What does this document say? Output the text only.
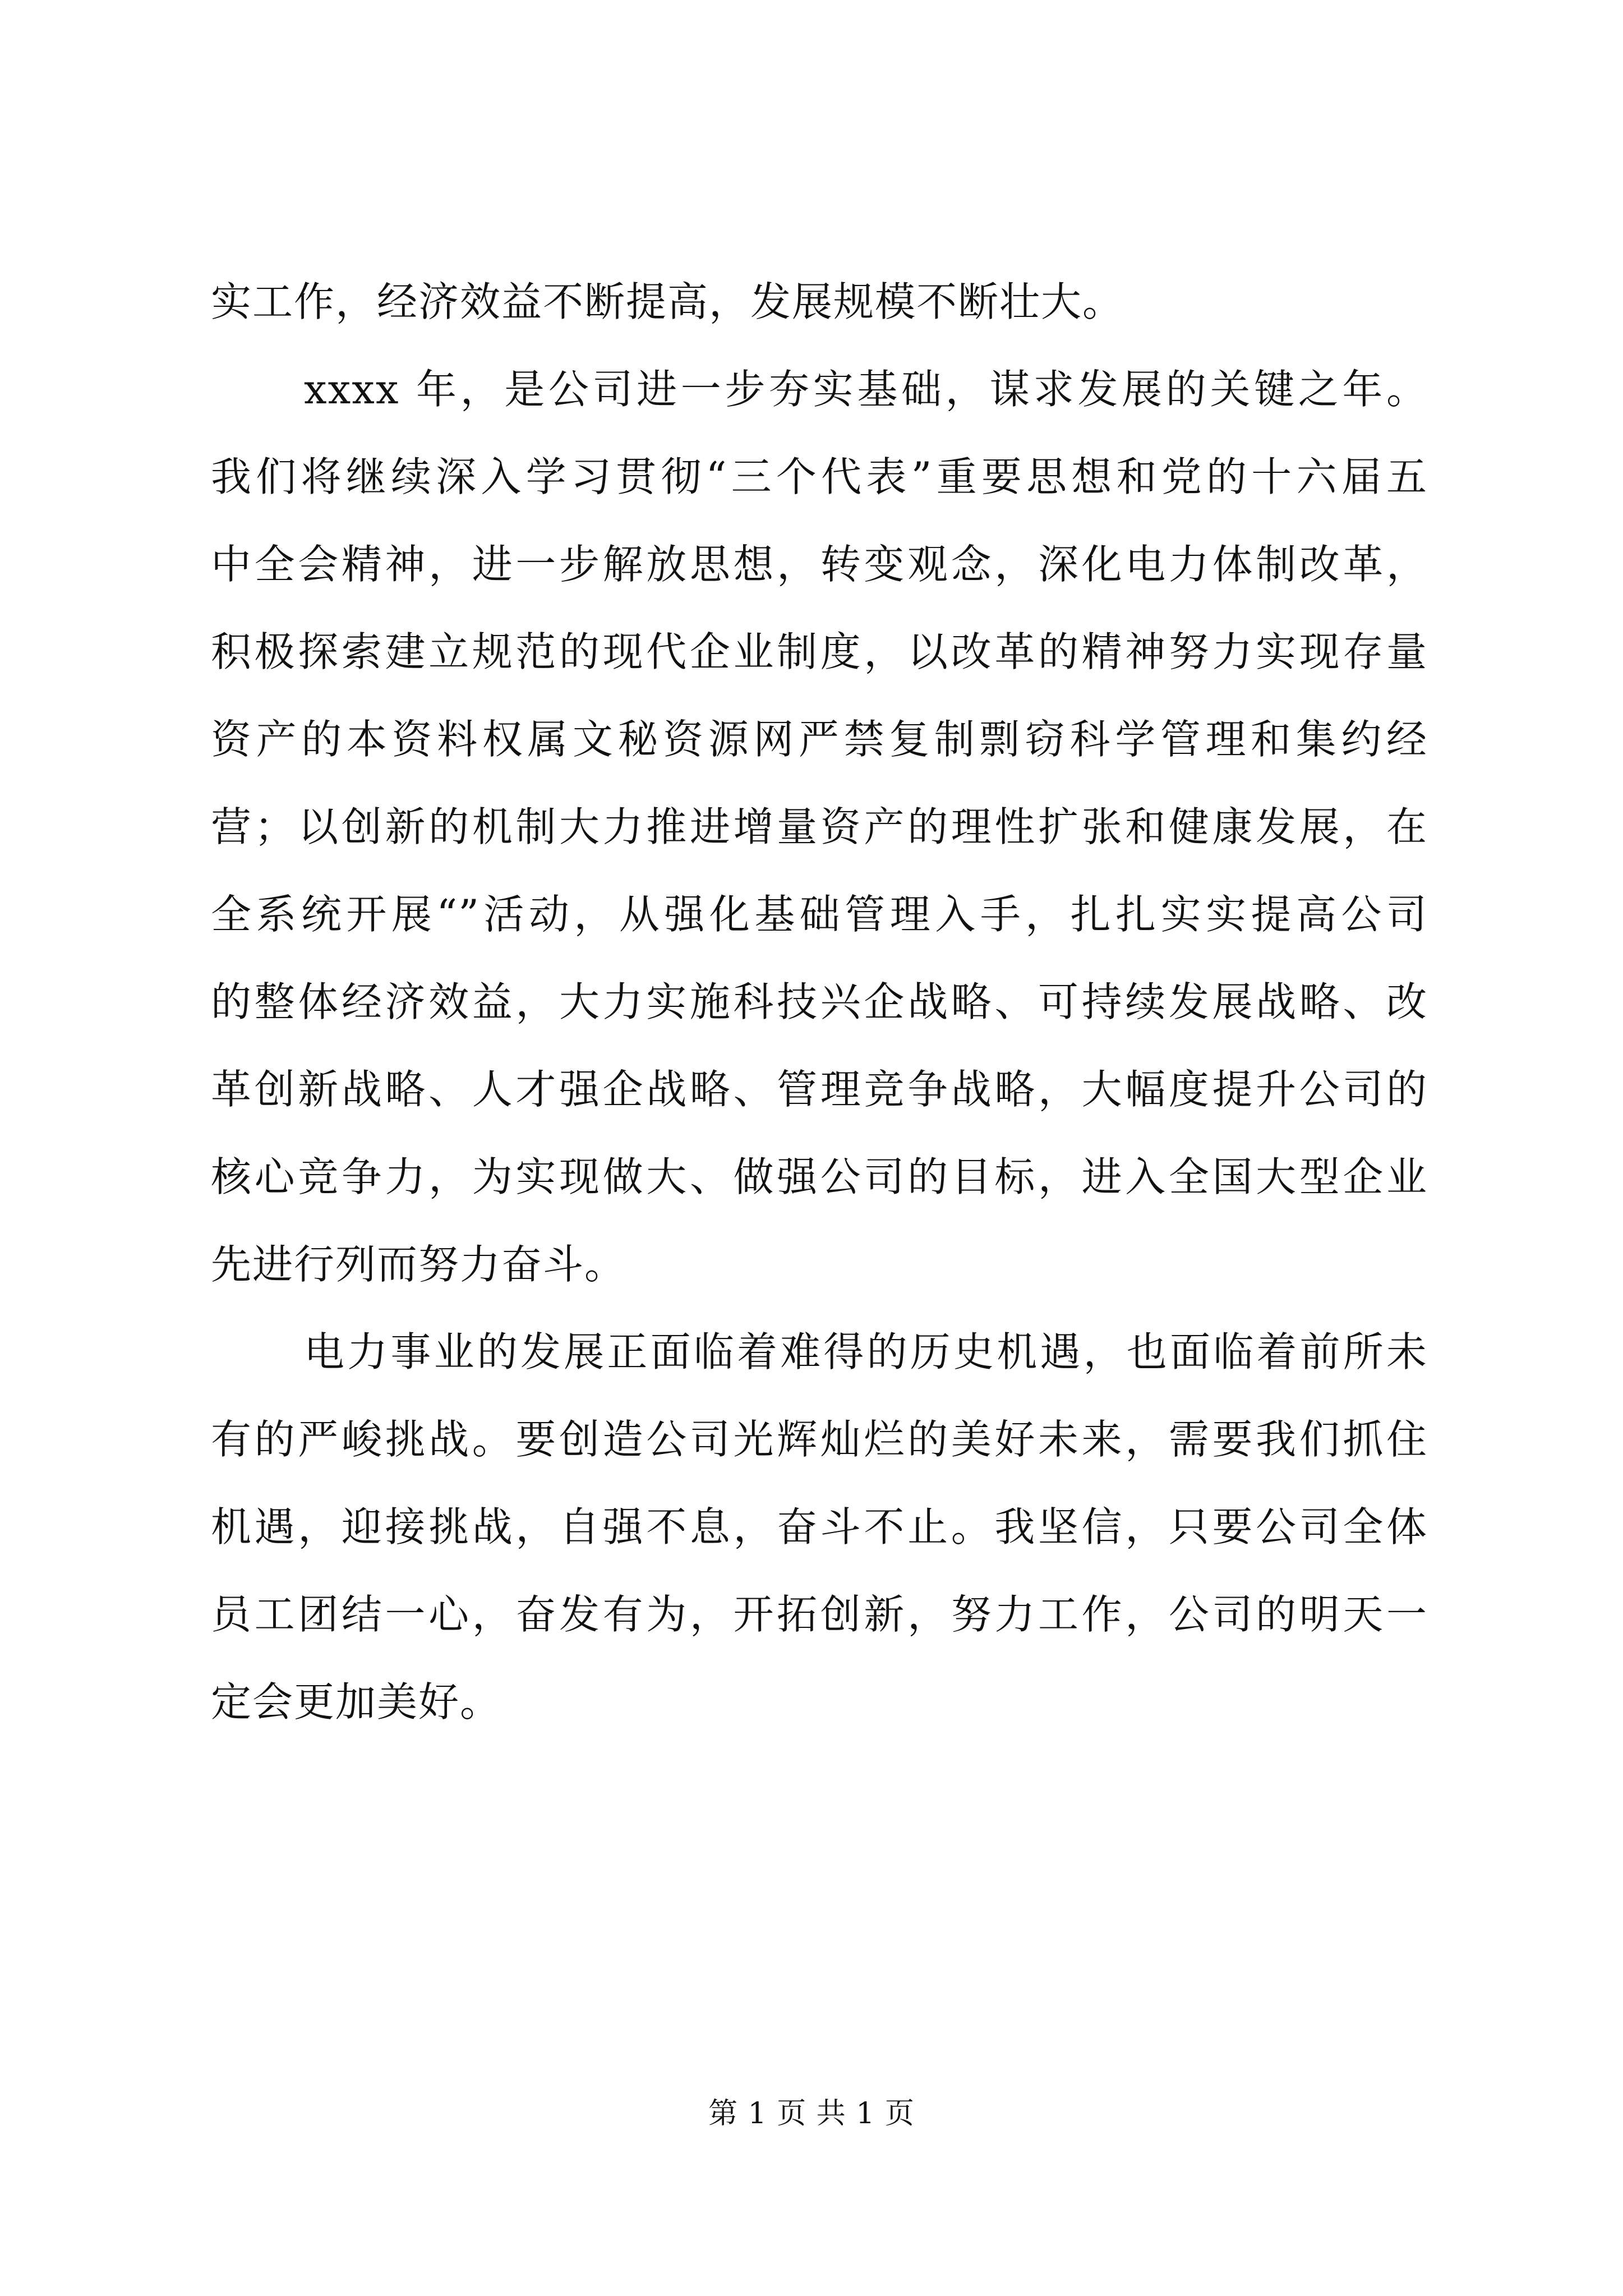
实工作，经济效益不断提高，发展规模不断壮大。
xxxx 年，是公司进一步夯实基础，谋求发展的关键之年。
我们将继续深入学习贯彻“三个代表”重要思想和党的十六届五
中全会精神，进一步解放思想，转变观念，深化电力体制改革，
积极探索建立规范的现代企业制度，以改革的精神努力实现存量
资产的本资料权属文秘资源网严禁复制剽窃科学管理和集约经
营；以创新的机制大力推进增量资产的理性扩张和健康发展，在
全系统开展“”活动，从强化基础管理入手，扎扎实实提高公司
的整体经济效益，大力实施科技兴企战略、可持续发展战略、改
革创新战略、人才强企战略、管理竞争战略，大幅度提升公司的
核心竞争力，为实现做大、做强公司的目标，进入全国大型企业
先进行列而努力奋斗。
电力事业的发展正面临着难得的历史机遇，也面临着前所未
有的严峻挑战。要创造公司光辉灿烂的美好未来，需要我们抓住
机遇，迎接挑战，自强不息，奋斗不止。我坚信，只要公司全体
员工团结一心，奋发有为，开拓创新，努力工作，公司的明天一
定会更加美好。
第 1 页 共 1 页
